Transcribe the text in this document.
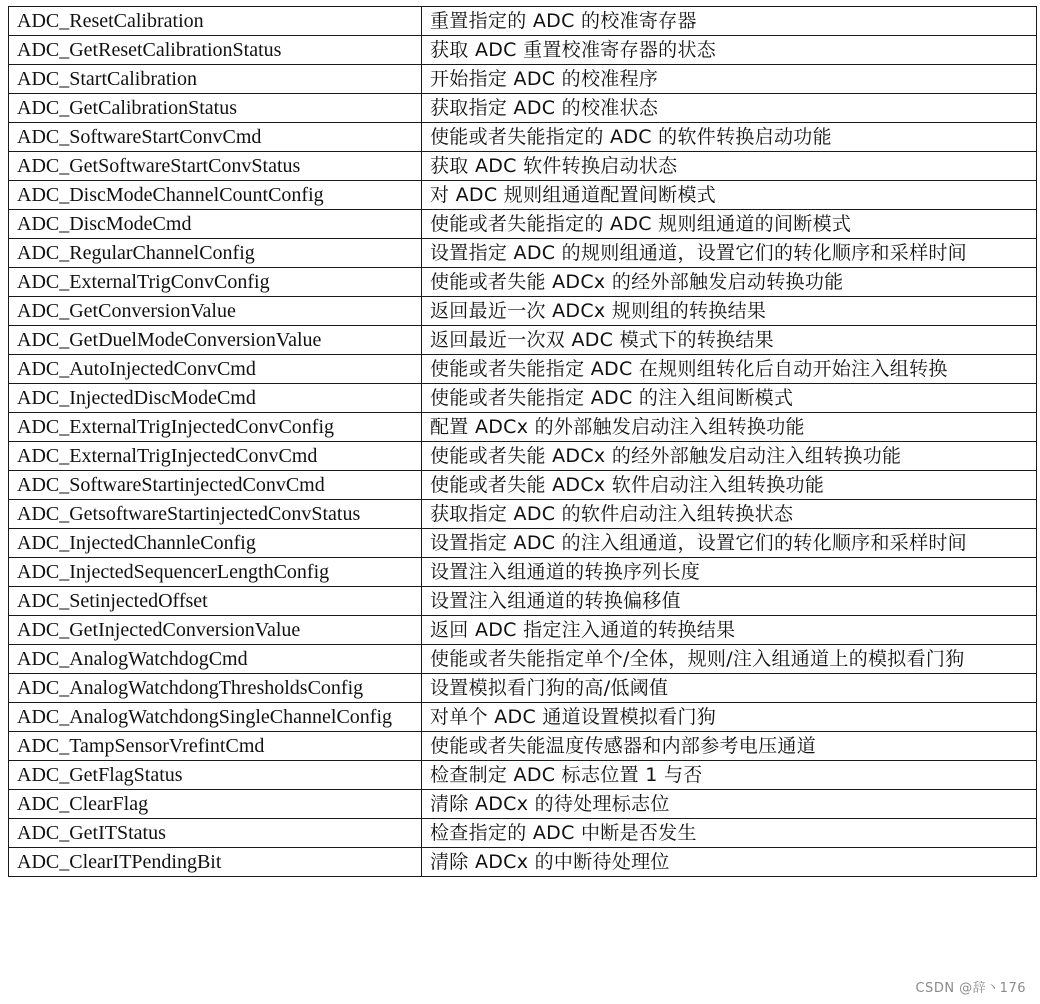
ADC_ResetCalibration	重置指定的 ADC 的校准寄存器
ADC_GetResetCalibrationStatus	获取 ADC 重置校准寄存器的状态
ADC_StartCalibration	开始指定 ADC 的校准程序
ADC_GetCalibrationStatus	获取指定 ADC 的校准状态
ADC_SoftwareStartConvCmd	使能或者失能指定的 ADC 的软件转换启动功能
ADC_GetSoftwareStartConvStatus	获取 ADC 软件转换启动状态
ADC_DiscModeChannelCountConfig	对 ADC 规则组通道配置间断模式
ADC_DiscModeCmd	使能或者失能指定的 ADC 规则组通道的间断模式
ADC_RegularChannelConfig	设置指定 ADC 的规则组通道，设置它们的转化顺序和采样时间
ADC_ExternalTrigConvConfig	使能或者失能 ADCx 的经外部触发启动转换功能
ADC_GetConversionValue	返回最近一次 ADCx 规则组的转换结果
ADC_GetDuelModeConversionValue	返回最近一次双 ADC 模式下的转换结果
ADC_AutoInjectedConvCmd	使能或者失能指定 ADC 在规则组转化后自动开始注入组转换
ADC_InjectedDiscModeCmd	使能或者失能指定 ADC 的注入组间断模式
ADC_ExternalTrigInjectedConvConfig	配置 ADCx 的外部触发启动注入组转换功能
ADC_ExternalTrigInjectedConvCmd	使能或者失能 ADCx 的经外部触发启动注入组转换功能
ADC_SoftwareStartinjectedConvCmd	使能或者失能 ADCx 软件启动注入组转换功能
ADC_GetsoftwareStartinjectedConvStatus	获取指定 ADC 的软件启动注入组转换状态
ADC_InjectedChannleConfig	设置指定 ADC 的注入组通道，设置它们的转化顺序和采样时间
ADC_InjectedSequencerLengthConfig	设置注入组通道的转换序列长度
ADC_SetinjectedOffset	设置注入组通道的转换偏移值
ADC_GetInjectedConversionValue	返回 ADC 指定注入通道的转换结果
ADC_AnalogWatchdogCmd	使能或者失能指定单个/全体，规则/注入组通道上的模拟看门狗
ADC_AnalogWatchdongThresholdsConfig	设置模拟看门狗的高/低阈值
ADC_AnalogWatchdongSingleChannelConfig	对单个 ADC 通道设置模拟看门狗
ADC_TampSensorVrefintCmd	使能或者失能温度传感器和内部参考电压通道
ADC_GetFlagStatus	检查制定 ADC 标志位置 1 与否
ADC_ClearFlag	清除 ADCx 的待处理标志位
ADC_GetITStatus	检查指定的 ADC 中断是否发生
ADC_ClearITPendingBit	清除 ADCx 的中断待处理位
CSDN @辞丶176
